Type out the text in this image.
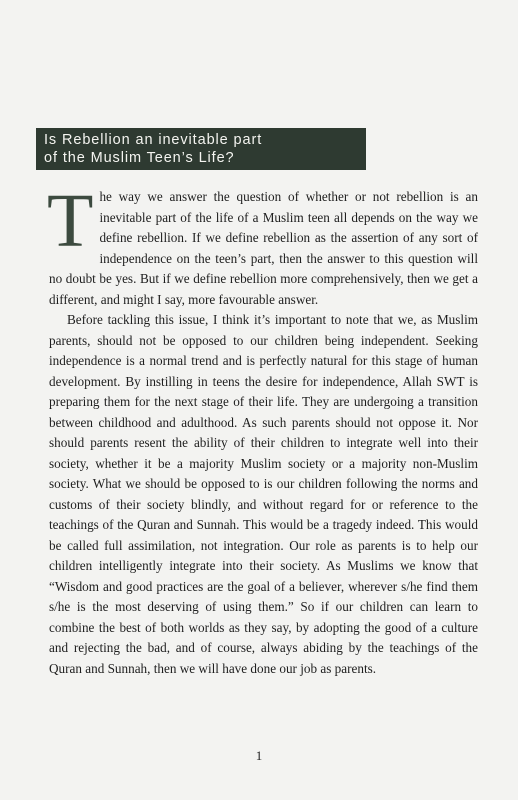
Is Rebellion an inevitable part
of the Muslim Teen’s Life?

The way we answer the question of whether or not rebellion is an inevitable part of the life of a Muslim teen all depends on the way we define rebellion. If we define rebellion as the assertion of any sort of independence on the teen’s part, then the answer to this question will no doubt be yes. But if we define rebellion more comprehensively, then we get a different, and might I say, more favourable answer.

Before tackling this issue, I think it’s important to note that we, as Muslim parents, should not be opposed to our children being independent. Seeking independence is a normal trend and is perfectly natural for this stage of human development. By instilling in teens the desire for independence, Allah SWT is preparing them for the next stage of their life. They are undergoing a transition between childhood and adulthood. As such parents should not oppose it. Nor should parents resent the ability of their children to integrate well into their society, whether it be a majority Muslim society or a majority non-Muslim society. What we should be opposed to is our children following the norms and customs of their society blindly, and without regard for or reference to the teachings of the Quran and Sunnah. This would be a tragedy indeed. This would be called full assimilation, not integration. Our role as parents is to help our children intelligently integrate into their society. As Muslims we know that “Wisdom and good practices are the goal of a believer, wherever s/he find them s/he is the most deserving of using them.” So if our children can learn to combine the best of both worlds as they say, by adopting the good of a culture and rejecting the bad, and of course, always abiding by the teachings of the Quran and Sunnah, then we will have done our job as parents.

1
